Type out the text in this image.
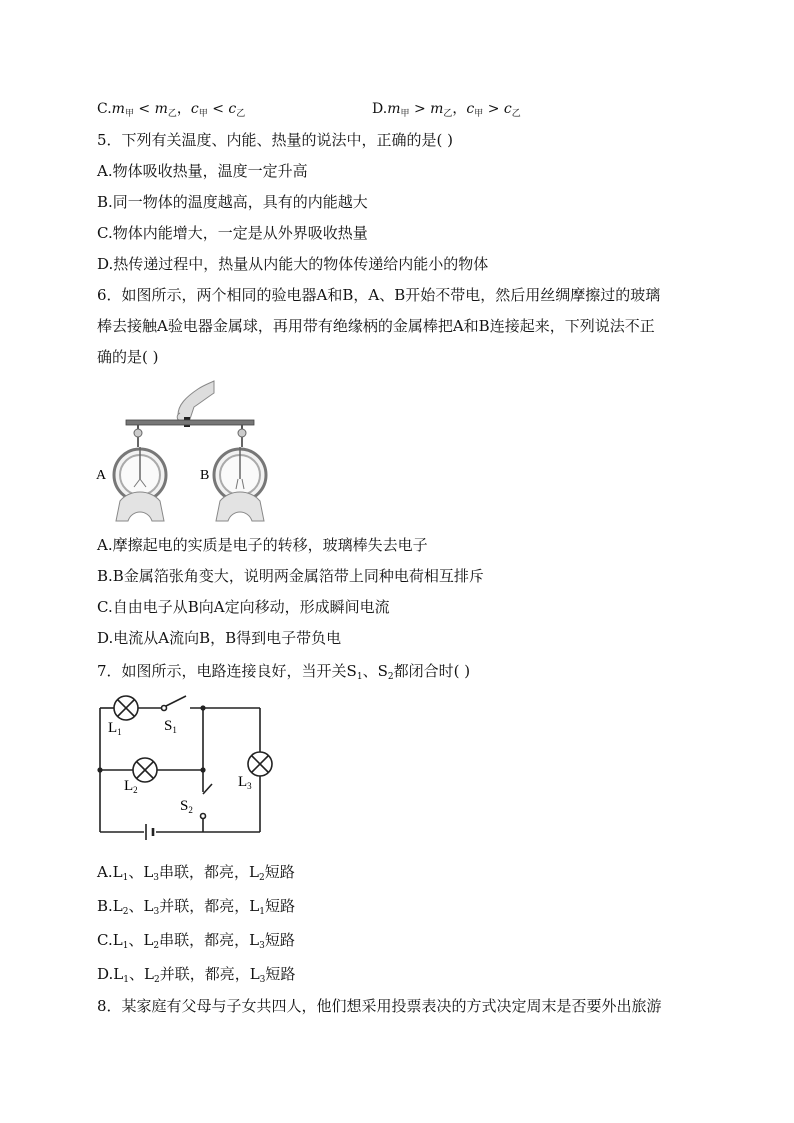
$C.m_甲 < m_乙$，$c_甲 < c_乙$	$D.m_甲 > m_乙$，$c_甲 > c_乙$
5．下列有关温度、内能、热量的说法中，正确的是( )
A.物体吸收热量，温度一定升高
B.同一物体的温度越高，具有的内能越大
C.物体内能增大，一定是从外界吸收热量
D.热传递过程中，热量从内能大的物体传递给内能小的物体
6．如图所示，两个相同的验电器A和B，A、B开始不带电，然后用丝绸摩擦过的玻璃
棒去接触A验电器金属球，再用带有绝缘柄的金属棒把A和B连接起来，下列说法不正
确的是( )
A	B
A.摩擦起电的实质是电子的转移，玻璃棒失去电子
B.B金属箔张角变大，说明两金属箔带上同种电荷相互排斥
C.自由电子从B向A定向移动，形成瞬间电流
D.电流从A流向B，B得到电子带负电
7．如图所示，电路连接良好，当开关$S_1$、$S_2$都闭合时( )
$L_1$	$S_1$
$L_2$	$L_3$
$S_2$
$A.L_1$、$L_3$串联，都亮，$L_2$短路
$B.L_2$、$L_3$并联，都亮，$L_1$短路
$C.L_1$、$L_2$串联，都亮，$L_3$短路
$D.L_1$、$L_2$并联，都亮，$L_3$短路
8．某家庭有父母与子女共四人，他们想采用投票表决的方式决定周末是否要外出旅游
